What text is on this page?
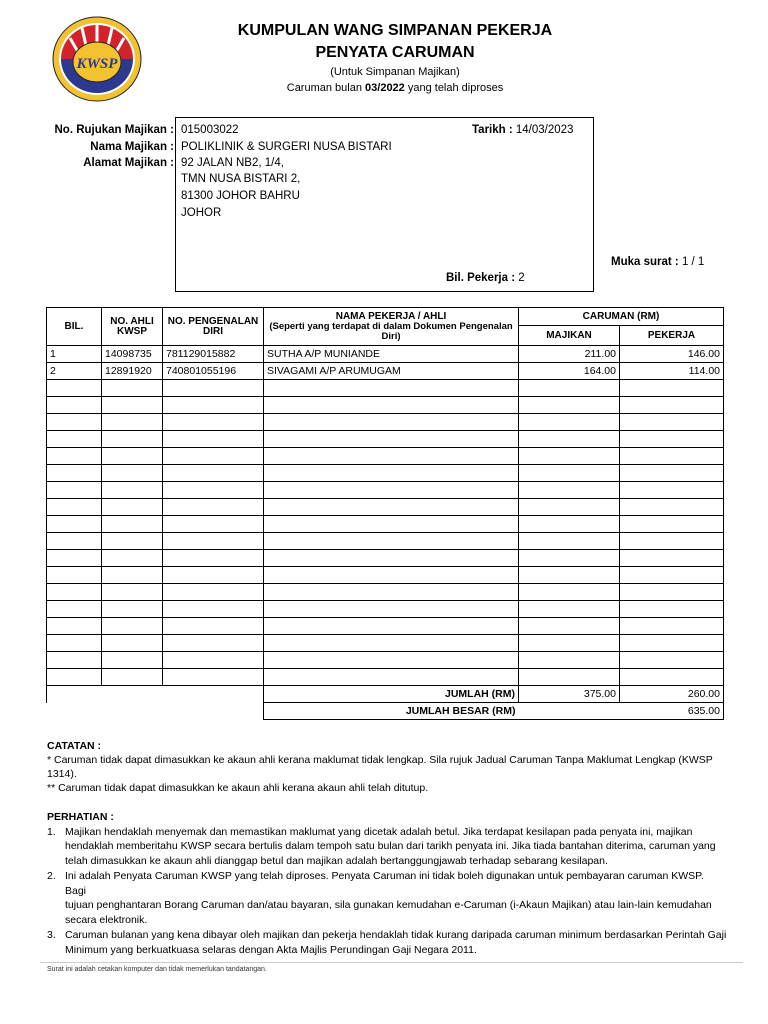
KWSP
KUMPULAN WANG SIMPANAN PEKERJA
PENYATA CARUMAN
(Untuk Simpanan Majikan)
Caruman bulan 03/2022 yang telah diproses
No. Rujukan Majikan : 015003022
Nama Majikan : POLIKLINIK & SURGERI NUSA BISTARI
Alamat Majikan : 92 JALAN NB2, 1/4,
TMN NUSA BISTARI 2,
81300 JOHOR BAHRU
JOHOR
Tarikh : 14/03/2023
Bil. Pekerja : 2
Muka surat : 1 / 1
BIL.	NO. AHLI KWSP	NO. PENGENALAN DIRI	NAMA PEKERJA / AHLI
(Seperti yang terdapat di dalam Dokumen Pengenalan Diri)	CARUMAN (RM)	
				MAJIKAN	PEKERJA
1	14098735	781129015882	SUTHA A/P MUNIANDE	211.00	146.00
2	12891920	740801055196	SIVAGAMI A/P ARUMUGAM	164.00	114.00

			JUMLAH (RM)	375.00	260.00
			JUMLAH BESAR (RM)		635.00
CATATAN :
* Caruman tidak dapat dimasukkan ke akaun ahli kerana maklumat tidak lengkap. Sila rujuk Jadual Caruman Tanpa Maklumat Lengkap (KWSP
1314).
** Caruman tidak dapat dimasukkan ke akaun ahli kerana akaun ahli telah ditutup.
PERHATIAN :
1. Majikan hendaklah menyemak dan memastikan maklumat yang dicetak adalah betul. Jika terdapat kesilapan pada penyata ini, majikan
hendaklah memberitahu KWSP secara bertulis dalam tempoh satu bulan dari tarikh penyata ini. Jika tiada bantahan diterima, caruman yang
telah dimasukkan ke akaun ahli dianggap betul dan majikan adalah bertanggungjawab terhadap sebarang kesilapan.
2. Ini adalah Penyata Caruman KWSP yang telah diproses. Penyata Caruman ini tidak boleh digunakan untuk pembayaran caruman KWSP. Bagi
tujuan penghantaran Borang Caruman dan/atau bayaran, sila gunakan kemudahan e-Caruman (i-Akaun Majikan) atau lain-lain kemudahan
secara elektronik.
3. Caruman bulanan yang kena dibayar oleh majikan dan pekerja hendaklah tidak kurang daripada caruman minimum berdasarkan Perintah Gaji
Minimum yang berkuatkuasa selaras dengan Akta Majlis Perundingan Gaji Negara 2011.
Surat ini adalah cetakan komputer dan tidak memerlukan tandatangan.
